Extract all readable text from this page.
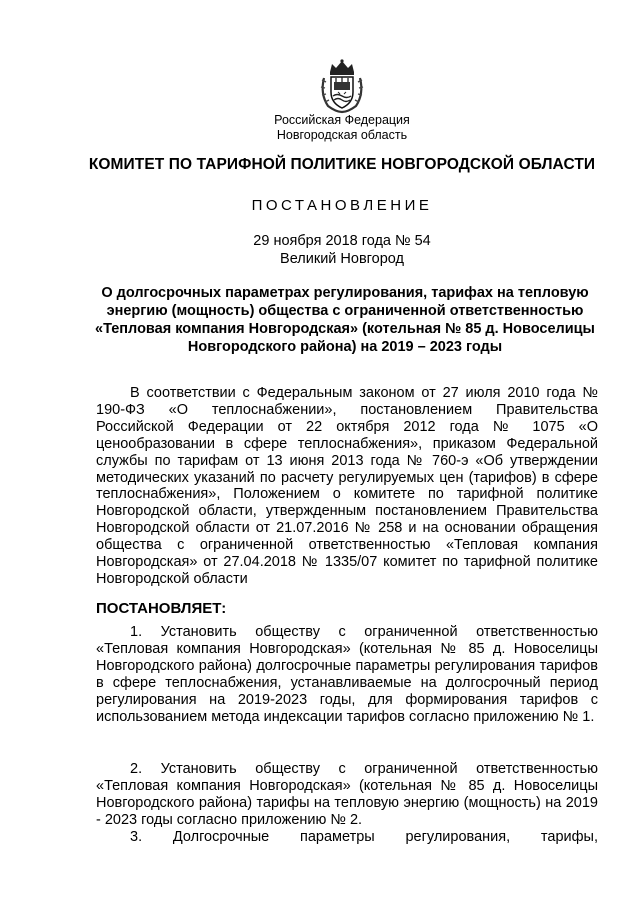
Российская Федерация
Новгородская область
КОМИТЕТ ПО ТАРИФНОЙ ПОЛИТИКЕ НОВГОРОДСКОЙ ОБЛАСТИ
ПОСТАНОВЛЕНИЕ
29 ноября 2018 года № 54
Великий Новгород
О долгосрочных параметрах регулирования, тарифах на тепловую энергию (мощность) общества с ограниченной ответственностью «Тепловая компания Новгородская» (котельная № 85 д. Новоселицы Новгородского района) на 2019 – 2023 годы
В соответствии с Федеральным законом от 27 июля 2010 года № 190-ФЗ «О теплоснабжении», постановлением Правительства Российской Федерации от 22 октября 2012 года № 1075 «О ценообразовании в сфере теплоснабжения», приказом Федеральной службы по тарифам от 13 июня 2013 года № 760-э «Об утверждении методических указаний по расчету регулируемых цен (тарифов) в сфере теплоснабжения», Положением о комитете по тарифной политике Новгородской области, утвержденным постановлением Правительства Новгородской области от 21.07.2016 № 258 и на основании обращения общества с ограниченной ответственностью «Тепловая компания Новгородская» от 27.04.2018 № 1335/07 комитет по тарифной политике Новгородской области
ПОСТАНОВЛЯЕТ:
1. Установить обществу с ограниченной ответственностью «Тепловая компания Новгородская» (котельная № 85 д. Новоселицы Новгородского района) долгосрочные параметры регулирования тарифов в сфере теплоснабжения, устанавливаемые на долгосрочный период регулирования на 2019-2023 годы, для формирования тарифов с использованием метода индексации тарифов согласно приложению № 1.
2. Установить обществу с ограниченной ответственностью «Тепловая компания Новгородская» (котельная № 85 д. Новоселицы Новгородского района) тарифы на тепловую энергию (мощность) на 2019 - 2023 годы согласно приложению № 2.
3. Долгосрочные параметры регулирования, тарифы,
